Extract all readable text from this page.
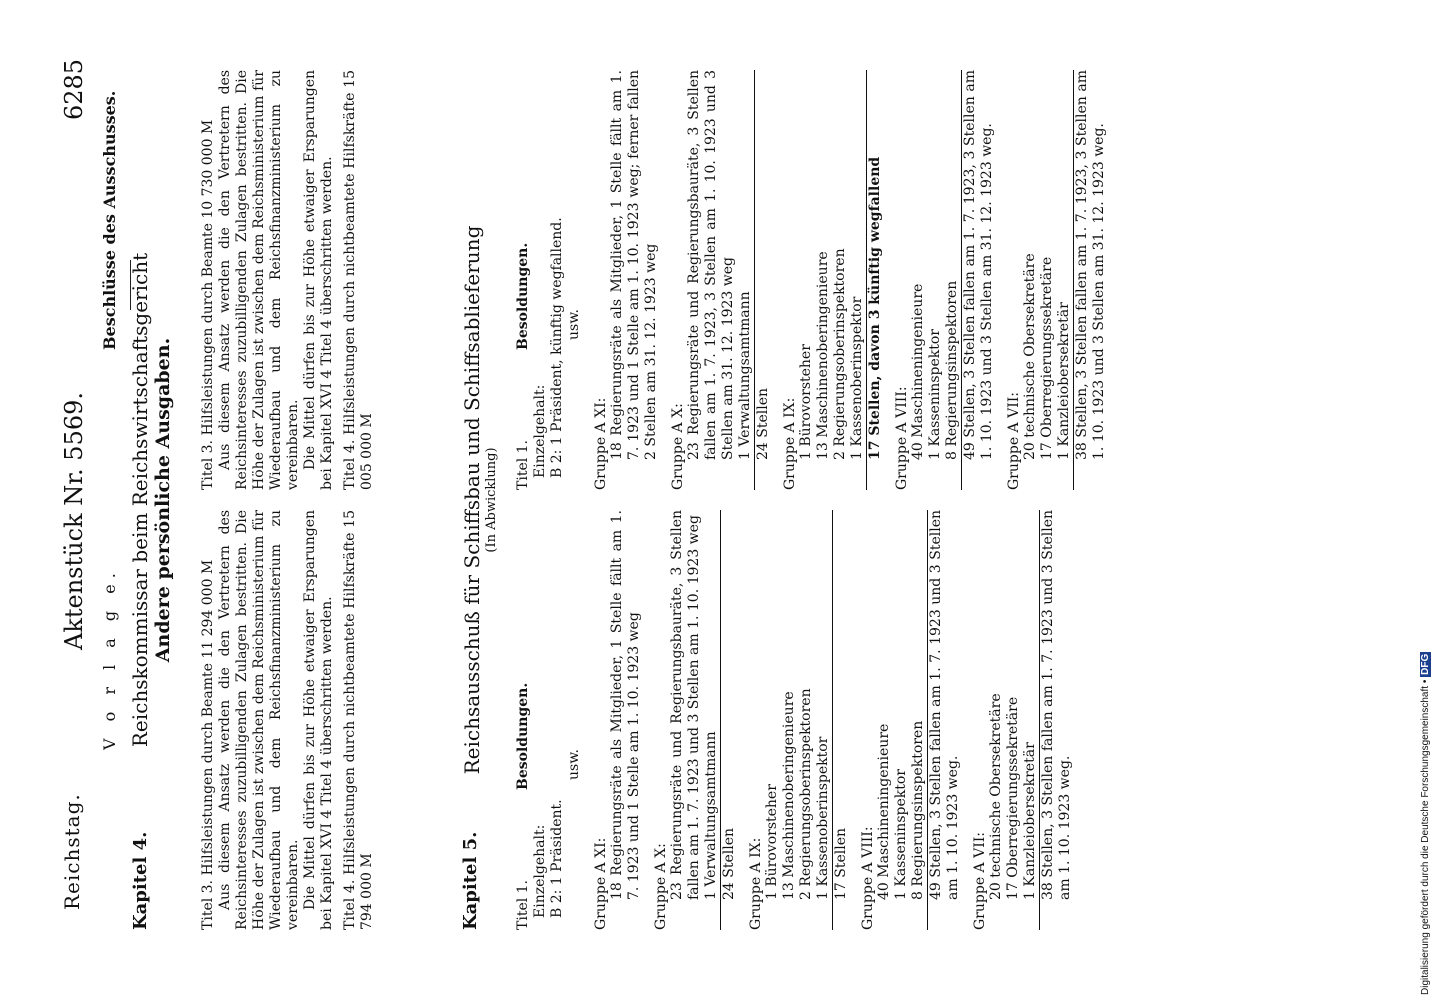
Reichstag.
Aktenstück Nr. 5569.
6285
V o r l a g e.
Beschlüsse des Ausschusses.
Kapitel 4.
Reichskommissar beim Reichswirtschaftsgericht Andere persönliche Ausgaben.

Titel 3. Hilfsleistungen durch Beamte 11 294 000 M Aus diesem Ansatz werden die den Vertretern des Reichsinteresses zuzubilligenden Zulagen bestritten. Die Höhe der Zulagen ist zwischen dem Reichsministerium für Wiederaufbau und dem Reichsfinanzministerium zu vereinbaren. Die Mittel dürfen bis zur Höhe etwaiger Ersparungen bei Kapitel XVI 4 Titel 4 überschritten werden. Titel 4. Hilfsleistungen durch nichtbeamtete Hilfskräfte 15 794 000 M

Titel 3. Hilfsleistungen durch Beamte 10 730 000 M Aus diesem Ansatz werden die den Vertretern des Reichsinteresses zuzubilligenden Zulagen bestritten. Die Höhe der Zulagen ist zwischen dem Reichsministerium für Wiederaufbau und dem Reichsfinanzministerium zu vereinbaren. Die Mittel dürfen bis zur Höhe etwaiger Ersparungen bei Kapitel XVI 4 Titel 4 überschritten werden. Titel 4. Hilfsleistungen durch nichtbeamtete Hilfskräfte 15 005 000 M

Kapitel 5.
Reichsausschuß für Schiffsbau und Schiffsablieferung (In Abwicklung)
Titel 1.
Besoldungen.
Einzelgehalt: B 2: 1 Präsident.
usw.
Gruppe A XI: 18 Regierungsräte als Mitglieder, 1 Stelle fällt am 1. 7. 1923 und 1 Stelle am 1. 10. 1923 weg Gruppe A X: 23 Regierungsräte und Regierungsbauräte, 3 Stellen fallen am 1. 7. 1923 und 3 Stellen am 1. 10. 1923 weg 1 Verwaltungsamtmann 24 Stellen Gruppe A IX: 1 Bürovorsteher 13 Maschinenoberingenieure 2 Regierungsoberinspektoren 1 Kassenoberinspektor 17 Stellen Gruppe A VIII: 40 Maschineningenieure 1 Kasseninspektor 8 Regierungsinspektoren 49 Stellen, 3 Stellen fallen am 1. 7. 1923 und 3 Stellen am 1. 10. 1923 weg. Gruppe A VII: 20 technische Obersekretäre 17 Oberregierungssekretäre 1 Kanzleiobersekretär 38 Stellen, 3 Stellen fallen am 1. 7. 1923 und 3 Stellen am 1. 10. 1923 weg.

Titel 1.
Besoldungen.
Einzelgehalt: B 2: 1 Präsident, künftig wegfallend. usw.
Gruppe A XI: 18 Regierungsräte als Mitglieder, 1 Stelle fällt am 1. 7. 1923 und 1 Stelle am 1. 10. 1923 weg; ferner fallen 2 Stellen am 31. 12. 1923 weg Gruppe A X: 23 Regierungsräte und Regierungsbauräte, 3 Stellen fallen am 1. 7. 1923, 3 Stellen am 1. 10. 1923 und 3 Stellen am 31. 12. 1923 weg 1 Verwaltungsamtmann 24 Stellen Gruppe A IX: 1 Bürovorsteher 13 Maschinenoberingenieure 2 Regierungsoberinspektoren 1 Kassenoberinspektor 17 Stellen, davon 3 künftig wegfallend Gruppe A VIII: 40 Maschineningenieure 1 Kasseninspektor 8 Regierungsinspektoren 49 Stellen, 3 Stellen fallen am 1. 7. 1923, 3 Stellen am 1. 10. 1923 und 3 Stellen am 31. 12. 1923 weg. Gruppe A VII: 20 technische Obersekretäre 17 Oberregierungssekretäre 1 Kanzleiobersekretär 38 Stellen, 3 Stellen fallen am 1. 7. 1923, 3 Stellen am 1. 10. 1923 und 3 Stellen am 31. 12. 1923 weg.

Digitalisierung gefördert durch die Deutsche Forschungsgemeinschaft • DFG
